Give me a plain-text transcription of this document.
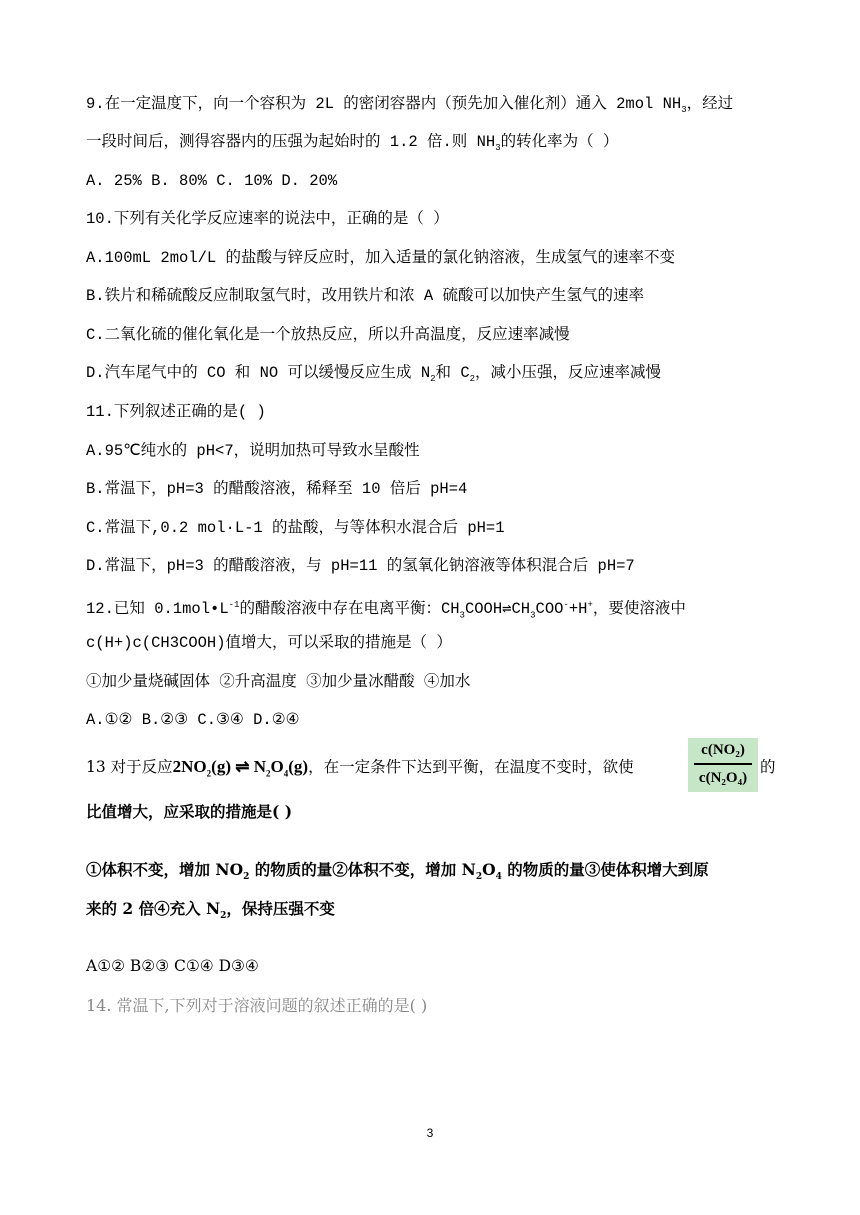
9.在一定温度下，向一个容积为 2L 的密闭容器内（预先加入催化剂）通入 2mol $NH_3$，经过
一段时间后，测得容器内的压强为起始时的 1.2 倍.则 $NH_3$的转化率为（ ）
A. 25% B. 80% C. 10% D. 20%
10.下列有关化学反应速率的说法中，正确的是（ ）
A.100mL 2mol/L 的盐酸与锌反应时，加入适量的氯化钠溶液，生成氢气的速率不变
B.铁片和稀硫酸反应制取氢气时，改用铁片和浓 A 硫酸可以加快产生氢气的速率
C.二氧化硫的催化氧化是一个放热反应，所以升高温度，反应速率减慢
D.汽车尾气中的 CO 和 NO 可以缓慢反应生成 $N_2$和 $C_2$，减小压强，反应速率减慢
11.下列叙述正确的是( )
A.95℃纯水的 pH<7，说明加热可导致水呈酸性
B.常温下，pH=3 的醋酸溶液，稀释至 10 倍后 pH=4
C.常温下,0.2 mol·L-1 的盐酸，与等体积水混合后 pH=1
D.常温下，pH=3 的醋酸溶液，与 pH=11 的氢氧化钠溶液等体积混合后 pH=7
12.已知 $0.1mol•L^{-1}$的醋酸溶液中存在电离平衡：$CH_3COOH\rightleftharpoons CH_3COO^-+H^+$，要使溶液中
c(H+)c(CH3COOH)值增大，可以采取的措施是（ ）
①加少量烧碱固体 ②升高温度 ③加少量冰醋酸 ④加水
A.①② B.②③ C.③④ D.②④
13 对于反应$2NO_2(g)$ ⇌ $N_2O_4(g)$，在一定条件下达到平衡，在温度不变时，欲使
c(NO₂)
c(N₂O₄)
的
比值增大，应采取的措施是( )
①体积不变，增加 $NO_2$ 的物质的量②体积不变，增加 $N_2O_4$ 的物质的量③使体积增大到原
来的 2 倍④充入 $N_2$，保持压强不变
A①② B②③ C①④ D③④
14. 常温下,下列对于溶液问题的叙述正确的是( )
3
